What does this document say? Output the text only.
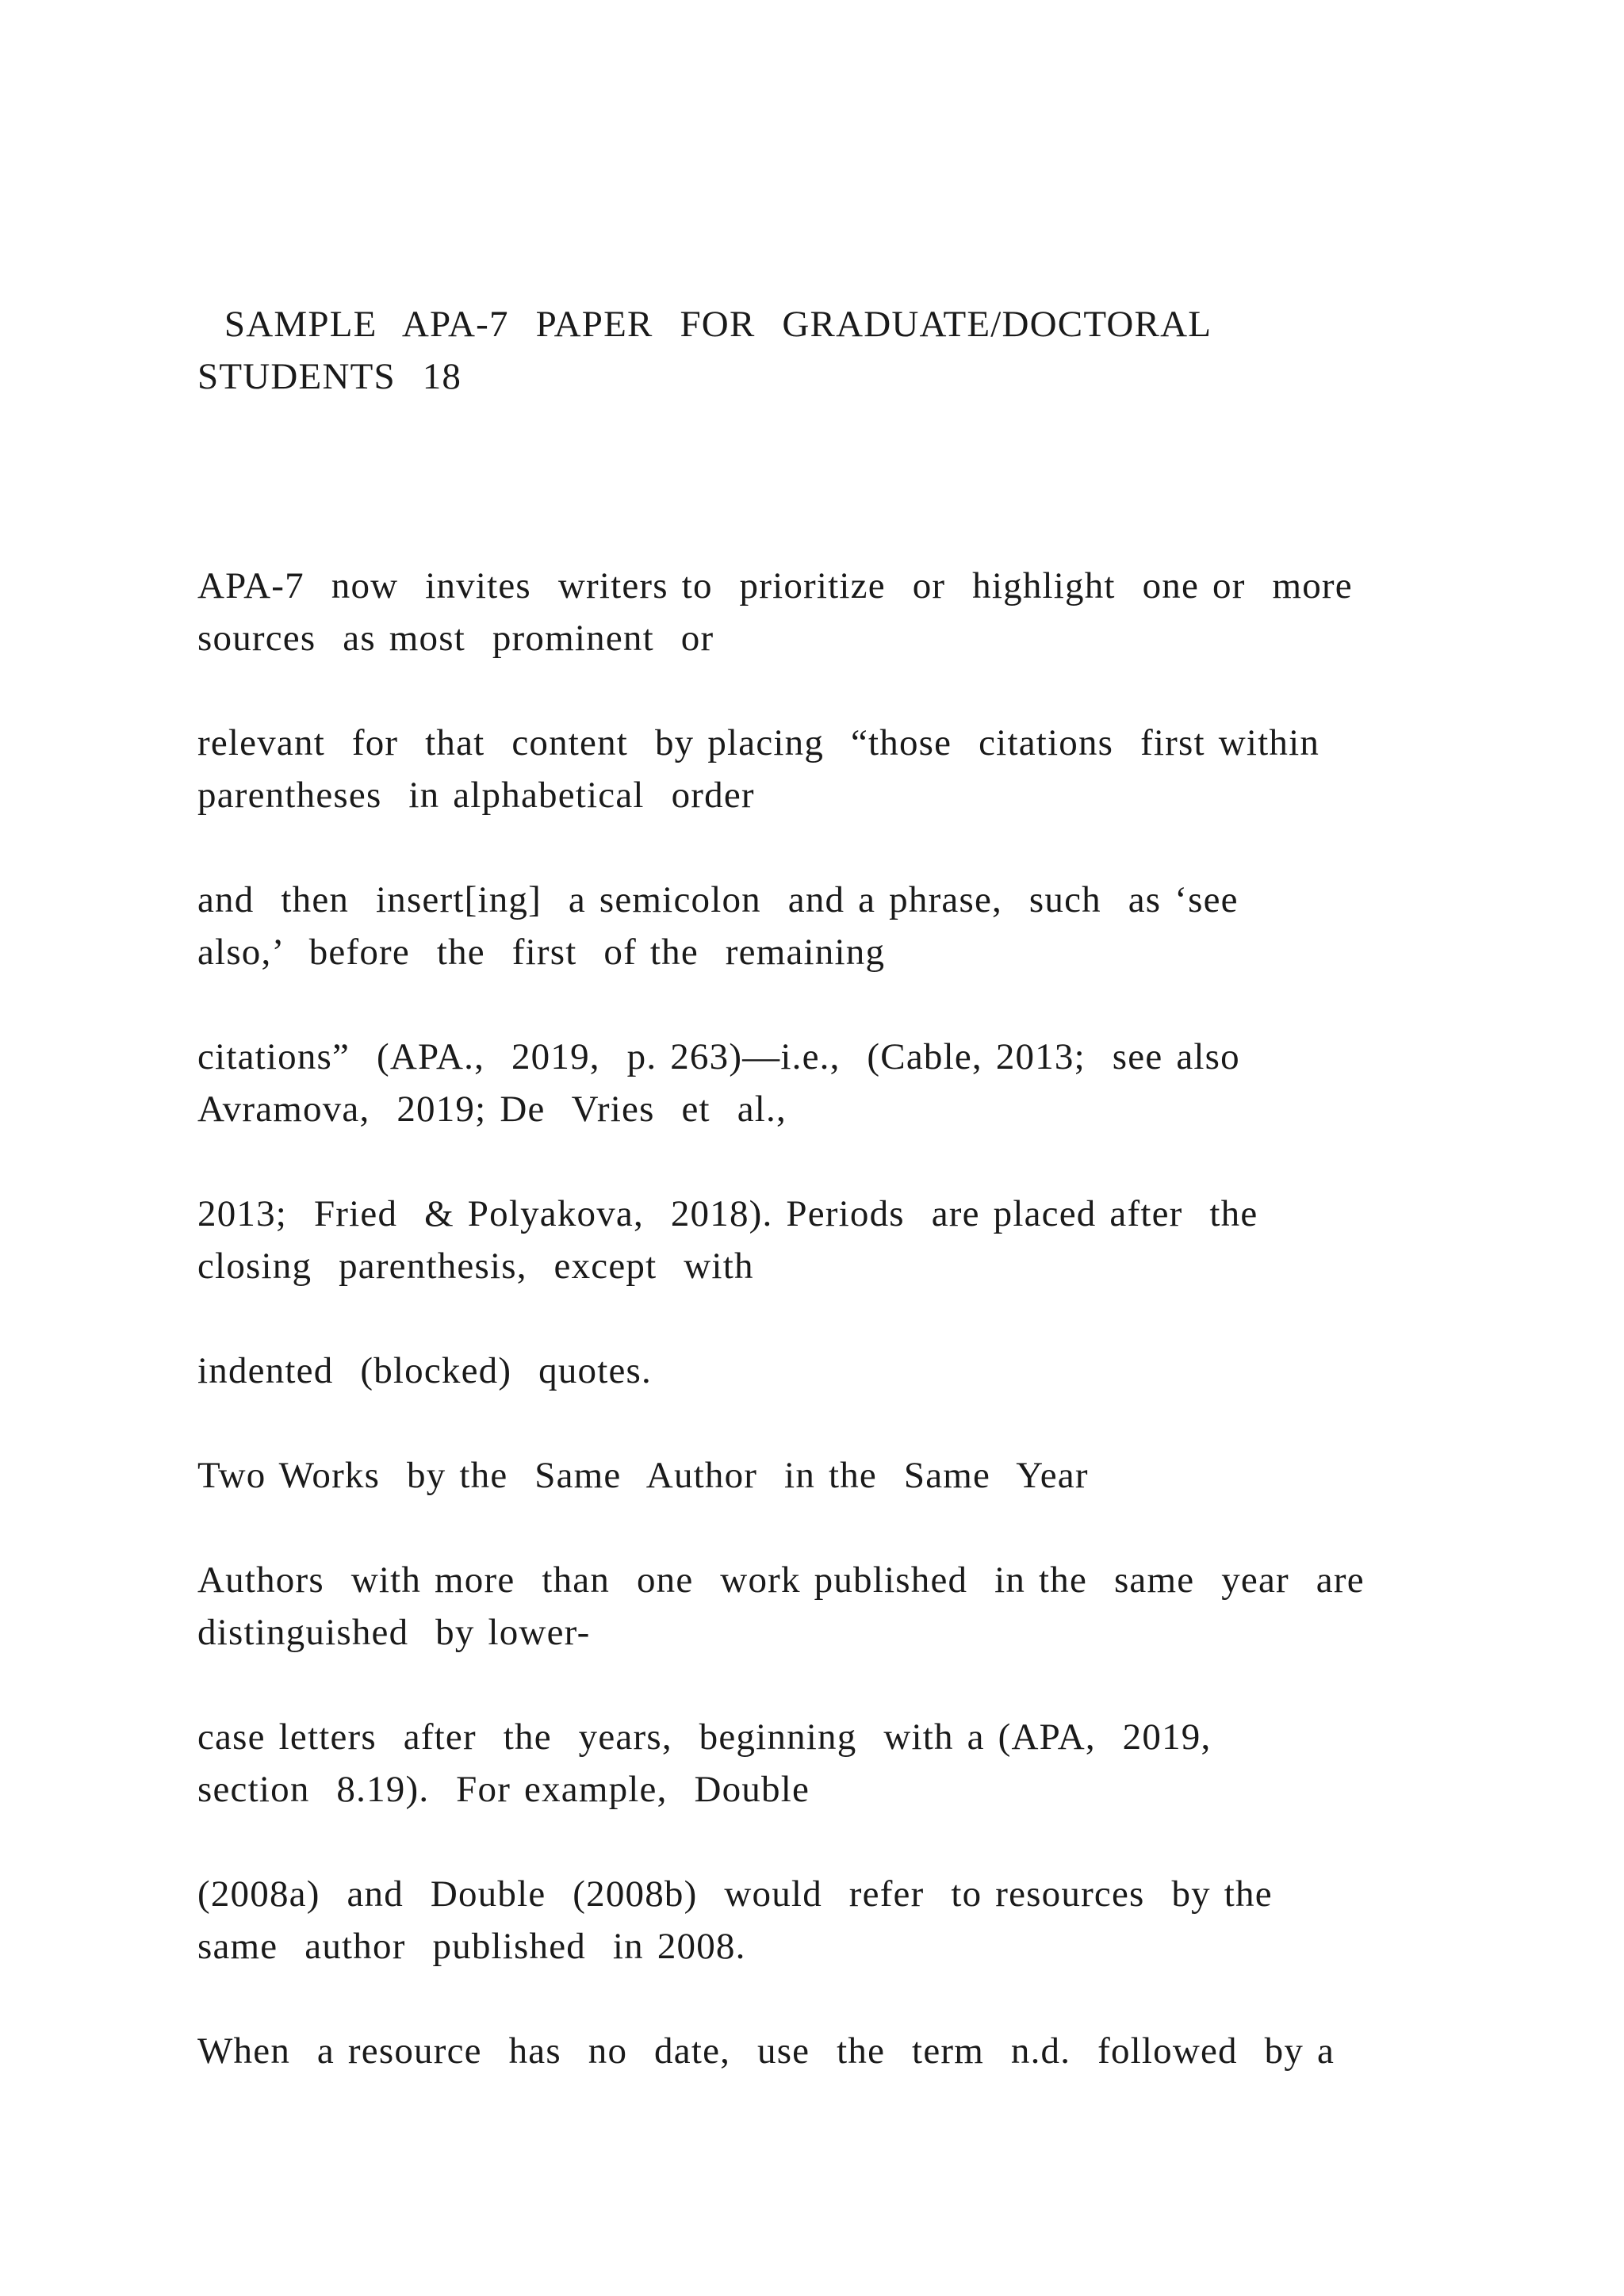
SAMPLE  APA-7  PAPER  FOR  GRADUATE/DOCTORAL
STUDENTS  18
APA-7  now  invites  writers to  prioritize  or  highlight  one or  more
sources  as most  prominent  or
relevant  for  that  content  by placing  “those  citations  first within
parentheses  in alphabetical  order
and  then  insert[ing]  a semicolon  and a phrase,  such  as ‘see
also,’  before  the  first  of the  remaining
citations”  (APA.,  2019,  p. 263)—i.e.,  (Cable, 2013;  see also
Avramova,  2019; De  Vries  et  al.,
2013;  Fried  & Polyakova,  2018). Periods  are placed after  the
closing  parenthesis,  except  with
indented  (blocked)  quotes.
Two Works  by the  Same  Author  in the  Same  Year
Authors  with more  than  one  work published  in the  same  year  are
distinguished  by lower-
case letters  after  the  years,  beginning  with a (APA,  2019,
section  8.19).  For example,  Double
(2008a)  and  Double  (2008b)  would  refer  to resources  by the
same  author  published  in 2008.
When  a resource  has  no  date,  use  the  term  n.d.  followed  by a
